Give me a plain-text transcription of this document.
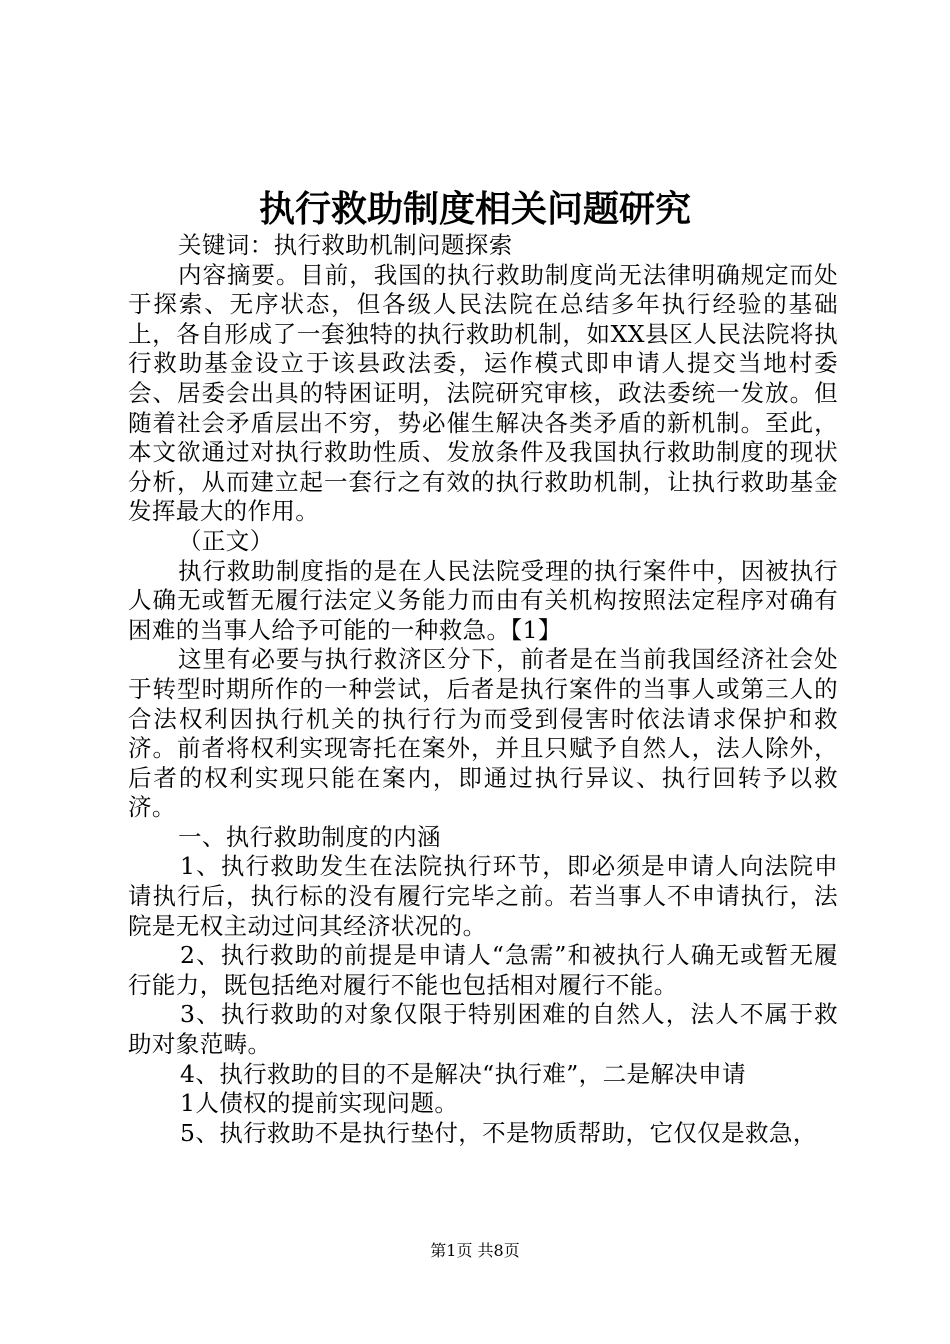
执行救助制度相关问题研究

关键词：执行救助机制问题探索

内容摘要。目前，我国的执行救助制度尚无法律明确规定而处于探索、无序状态，但各级人民法院在总结多年执行经验的基础上，各自形成了一套独特的执行救助机制，如XX县区人民法院将执行救助基金设立于该县政法委，运作模式即申请人提交当地村委会、居委会出具的特困证明，法院研究审核，政法委统一发放。但随着社会矛盾层出不穷，势必催生解决各类矛盾的新机制。至此，本文欲通过对执行救助性质、发放条件及我国执行救助制度的现状分析，从而建立起一套行之有效的执行救助机制，让执行救助基金发挥最大的作用。

（正文）

执行救助制度指的是在人民法院受理的执行案件中，因被执行人确无或暂无履行法定义务能力而由有关机构按照法定程序对确有困难的当事人给予可能的一种救急。【1】

这里有必要与执行救济区分下，前者是在当前我国经济社会处于转型时期所作的一种尝试，后者是执行案件的当事人或第三人的合法权利因执行机关的执行行为而受到侵害时依法请求保护和救济。前者将权利实现寄托在案外，并且只赋予自然人，法人除外，后者的权利实现只能在案内，即通过执行异议、执行回转予以救济。

一、执行救助制度的内涵

1、执行救助发生在法院执行环节，即必须是申请人向法院申请执行后，执行标的没有履行完毕之前。若当事人不申请执行，法院是无权主动过问其经济状况的。

2、执行救助的前提是申请人“急需”和被执行人确无或暂无履行能力，既包括绝对履行不能也包括相对履行不能。

3、执行救助的对象仅限于特别困难的自然人，法人不属于救助对象范畴。

4、执行救助的目的不是解决“执行难”，二是解决申请

1人债权的提前实现问题。

5、执行救助不是执行垫付，不是物质帮助，它仅仅是救急，

第1页 共8页
